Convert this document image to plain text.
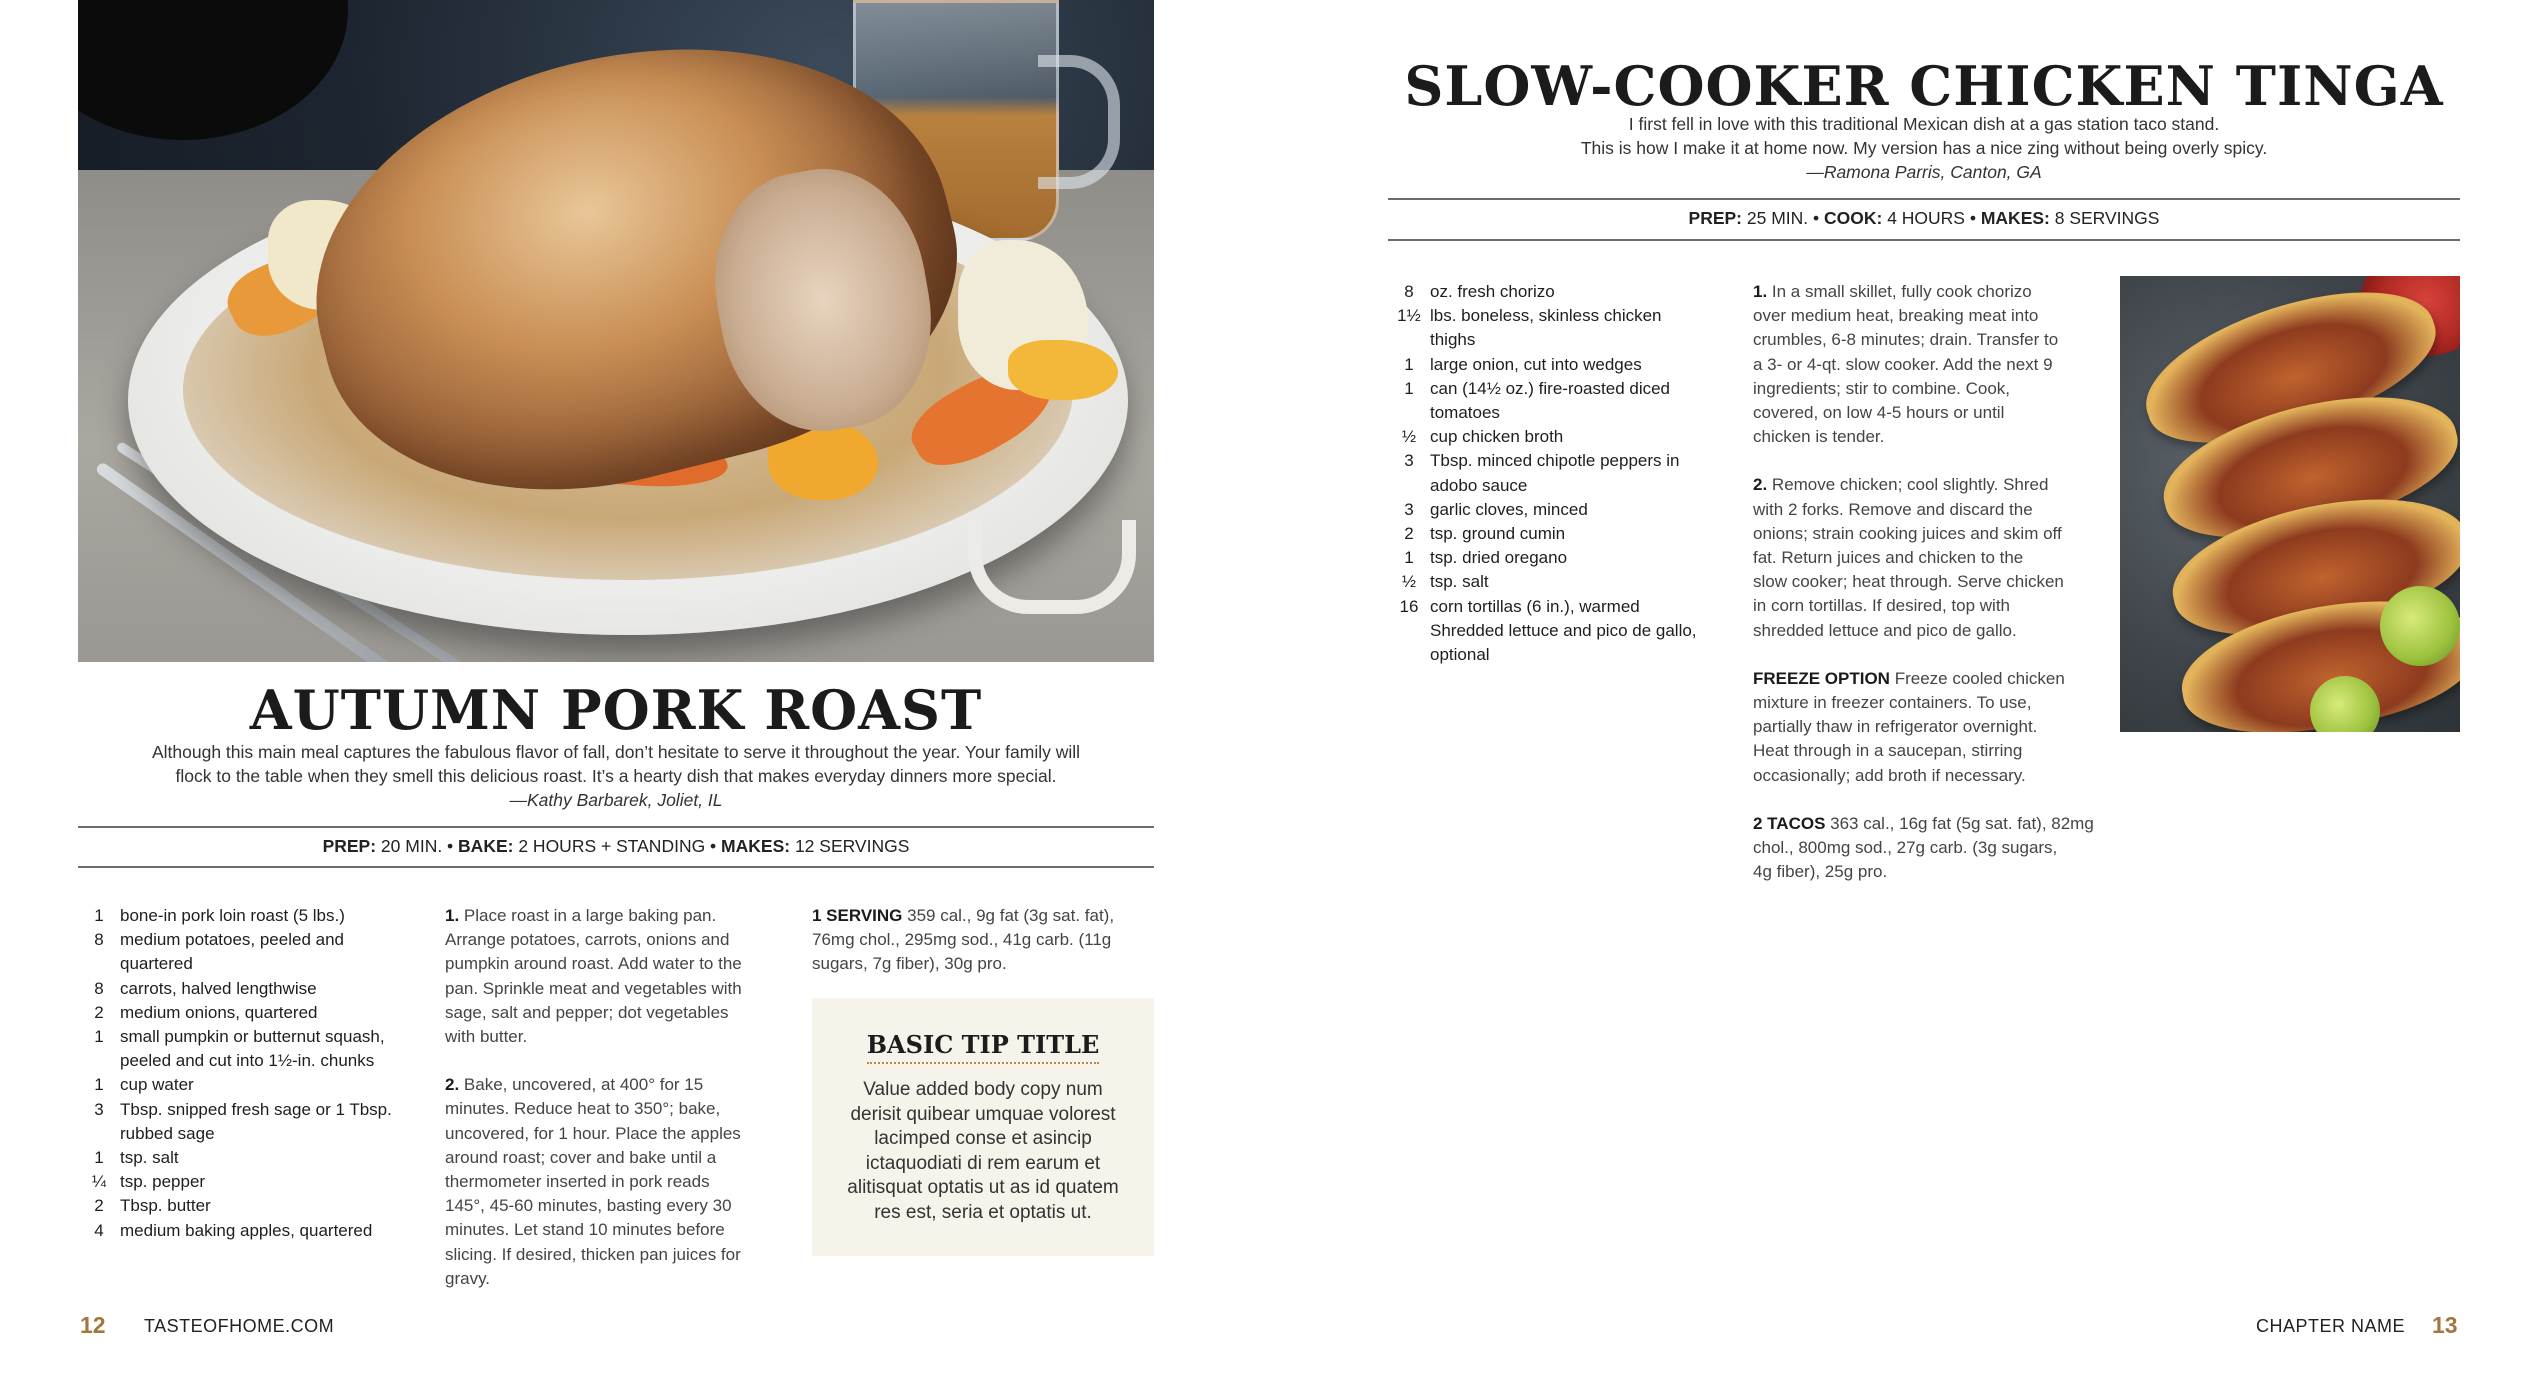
AUTUMN PORK ROAST
Although this main meal captures the fabulous flavor of fall, don’t hesitate to serve it throughout the year. Your family will
flock to the table when they smell this delicious roast. It’s a hearty dish that makes everyday dinners more special.
—Kathy Barbarek, Joliet, IL
PREP: 20 MIN. • BAKE: 2 HOURS + STANDING • MAKES: 12 SERVINGS
1 bone-in pork loin roast (5 lbs.)
8 medium potatoes, peeled and
quartered
8 carrots, halved lengthwise
2 medium onions, quartered
1 small pumpkin or butternut squash,
peeled and cut into 1½-in. chunks
1 cup water
3 Tbsp. snipped fresh sage or 1 Tbsp.
rubbed sage
1 tsp. salt
¼ tsp. pepper
2 Tbsp. butter
4 medium baking apples, quartered

1. Place roast in a large baking pan.
Arrange potatoes, carrots, onions and
pumpkin around roast. Add water to the
pan. Sprinkle meat and vegetables with
sage, salt and pepper; dot vegetables
with butter.

2. Bake, uncovered, at 400° for 15
minutes. Reduce heat to 350°; bake,
uncovered, for 1 hour. Place the apples
around roast; cover and bake until a
thermometer inserted in pork reads
145°, 45-60 minutes, basting every 30
minutes. Let stand 10 minutes before
slicing. If desired, thicken pan juices for
gravy.

1 SERVING 359 cal., 9g fat (3g sat. fat),
76mg chol., 295mg sod., 41g carb. (11g
sugars, 7g fiber), 30g pro.
BASIC TIP TITLE
Value added body copy num
derisit quibear umquae volorest
lacimped conse et asincip
ictaquodiati di rem earum et
alitisquat optatis ut as id quatem
res est, seria et optatis ut.
12 TASTEOFHOME.COM
SLOW-COOKER CHICKEN TINGA
I first fell in love with this traditional Mexican dish at a gas station taco stand.
This is how I make it at home now. My version has a nice zing without being overly spicy.
—Ramona Parris, Canton, GA
PREP: 25 MIN. • COOK: 4 HOURS • MAKES: 8 SERVINGS
8 oz. fresh chorizo
1½ lbs. boneless, skinless chicken
thighs
1 large onion, cut into wedges
1 can (14½ oz.) fire-roasted diced
tomatoes
½ cup chicken broth
3 Tbsp. minced chipotle peppers in
adobo sauce
3 garlic cloves, minced
2 tsp. ground cumin
1 tsp. dried oregano
½ tsp. salt
16 corn tortillas (6 in.), warmed
Shredded lettuce and pico de gallo,
optional

1. In a small skillet, fully cook chorizo
over medium heat, breaking meat into
crumbles, 6-8 minutes; drain. Transfer to
a 3- or 4-qt. slow cooker. Add the next 9
ingredients; stir to combine. Cook,
covered, on low 4-5 hours or until
chicken is tender.

2. Remove chicken; cool slightly. Shred
with 2 forks. Remove and discard the
onions; strain cooking juices and skim off
fat. Return juices and chicken to the
slow cooker; heat through. Serve chicken
in corn tortillas. If desired, top with
shredded lettuce and pico de gallo.

FREEZE OPTION Freeze cooled chicken
mixture in freezer containers. To use,
partially thaw in refrigerator overnight.
Heat through in a saucepan, stirring
occasionally; add broth if necessary.

2 TACOS 363 cal., 16g fat (5g sat. fat), 82mg
chol., 800mg sod., 27g carb. (3g sugars,
4g fiber), 25g pro.

CHAPTER NAME 13
